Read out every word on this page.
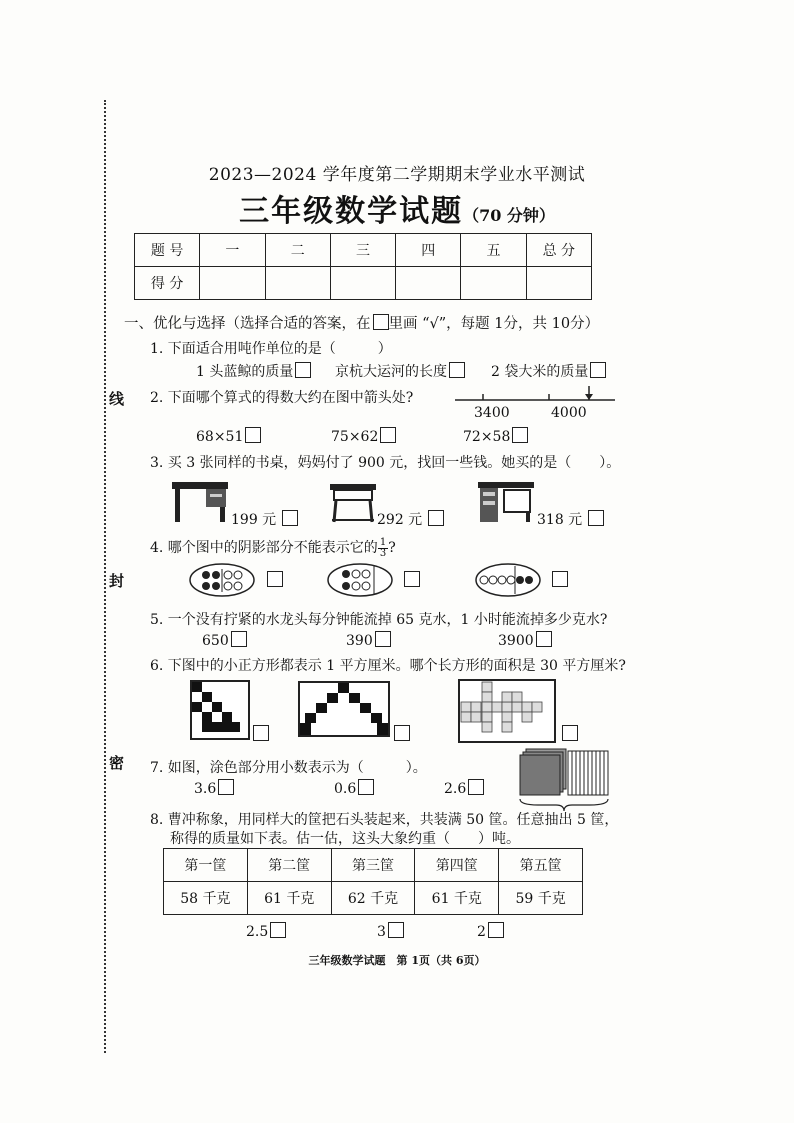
线
封
密
2023—2024 学年度第二学期期末学业水平测试
三年级数学试题（70 分钟）
题 号	一	二	三	四	五	总 分
得 分						
一、优化与选择（选择合适的答案，在 里画 “√”，每题 1分，共 10分）
1. 下面适合用吨作单位的是（　　　）
1 头蓝鲸的质量	京杭大运河的长度	2 袋大米的质量
2. 下面哪个算式的得数大约在图中箭头处?
3400	4000
68×51	75×62	72×58
3. 买 3 张同样的书桌，妈妈付了 900 元，找回一些钱。她买的是（　　）。
199 元	292 元	318 元
4. 哪个图中的阴影部分不能表示它的 $\frac{1}{3}$ ?
5. 一个没有拧紧的水龙头每分钟能流掉 65 克水，1 小时能流掉多少克水?
650	390	3900
6. 下图中的小正方形都表示 1 平方厘米。哪个长方形的面积是 30 平方厘米?
7. 如图，涂色部分用小数表示为（　　　）。
3.6	0.6	2.6
8. 曹冲称象，用同样大的筐把石头装起来，共装满 50 筐。任意抽出 5 筐，
称得的质量如下表。估一估，这头大象约重（　　）吨。
第一筐	第二筐	第三筐	第四筐	第五筐
58 千克	61 千克	62 千克	61 千克	59 千克
2.5	3	2
三年级数学试题　第 1页（共 6页）
